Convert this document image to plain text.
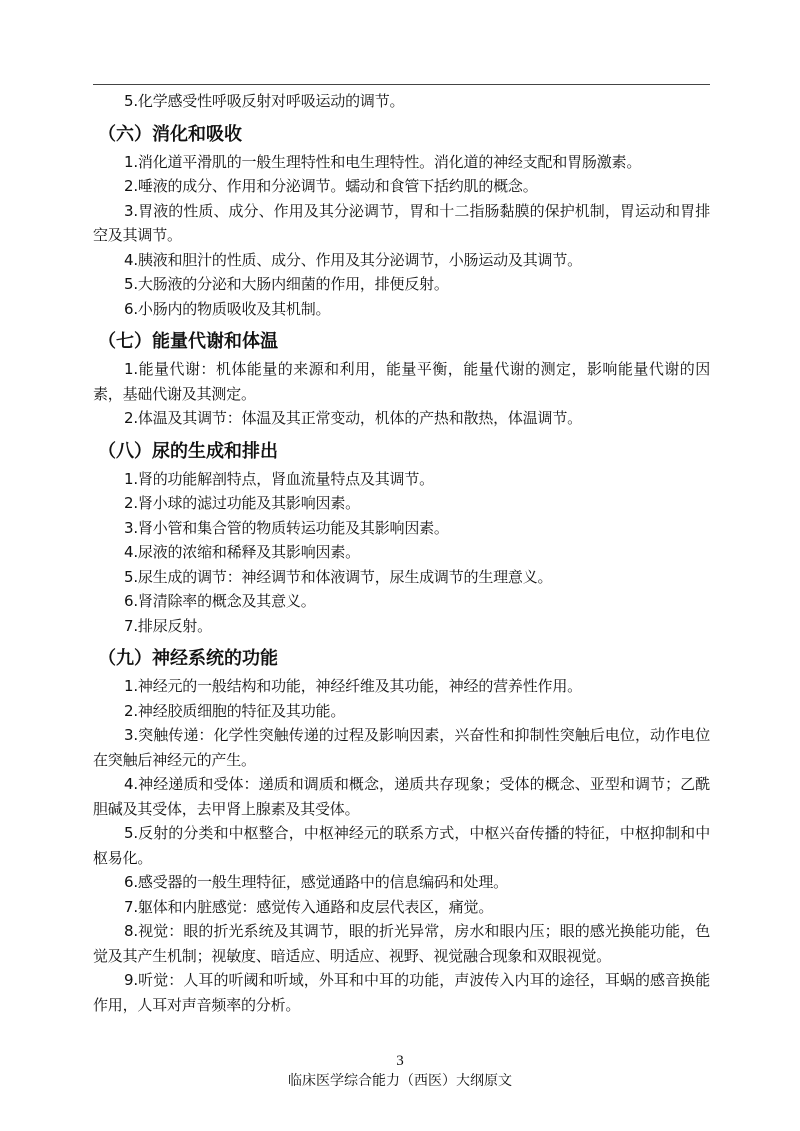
5.化学感受性呼吸反射对呼吸运动的调节。

（六）消化和吸收

1.消化道平滑肌的一般生理特性和电生理特性。消化道的神经支配和胃肠激素。

2.唾液的成分、作用和分泌调节。蠕动和食管下括约肌的概念。

3.胃液的性质、成分、作用及其分泌调节，胃和十二指肠黏膜的保护机制，胃运动和胃排空及其调节。

4.胰液和胆汁的性质、成分、作用及其分泌调节，小肠运动及其调节。

5.大肠液的分泌和大肠内细菌的作用，排便反射。

6.小肠内的物质吸收及其机制。

（七）能量代谢和体温

1.能量代谢：机体能量的来源和利用，能量平衡，能量代谢的测定，影响能量代谢的因素，基础代谢及其测定。

2.体温及其调节：体温及其正常变动，机体的产热和散热，体温调节。

（八）尿的生成和排出

1.肾的功能解剖特点，肾血流量特点及其调节。

2.肾小球的滤过功能及其影响因素。

3.肾小管和集合管的物质转运功能及其影响因素。

4.尿液的浓缩和稀释及其影响因素。

5.尿生成的调节：神经调节和体液调节，尿生成调节的生理意义。

6.肾清除率的概念及其意义。

7.排尿反射。

（九）神经系统的功能

1.神经元的一般结构和功能，神经纤维及其功能，神经的营养性作用。

2.神经胶质细胞的特征及其功能。

3.突触传递：化学性突触传递的过程及影响因素，兴奋性和抑制性突触后电位，动作电位在突触后神经元的产生。

4.神经递质和受体：递质和调质和概念，递质共存现象；受体的概念、亚型和调节；乙酰胆碱及其受体，去甲肾上腺素及其受体。

5.反射的分类和中枢整合，中枢神经元的联系方式，中枢兴奋传播的特征，中枢抑制和中枢易化。

6.感受器的一般生理特征，感觉通路中的信息编码和处理。

7.躯体和内脏感觉：感觉传入通路和皮层代表区，痛觉。

8.视觉：眼的折光系统及其调节，眼的折光异常，房水和眼内压；眼的感光换能功能，色觉及其产生机制；视敏度、暗适应、明适应、视野、视觉融合现象和双眼视觉。

9.听觉：人耳的听阈和听域，外耳和中耳的功能，声波传入内耳的途径，耳蜗的感音换能作用，人耳对声音频率的分析。

3
临床医学综合能力（西医）大纲原文
